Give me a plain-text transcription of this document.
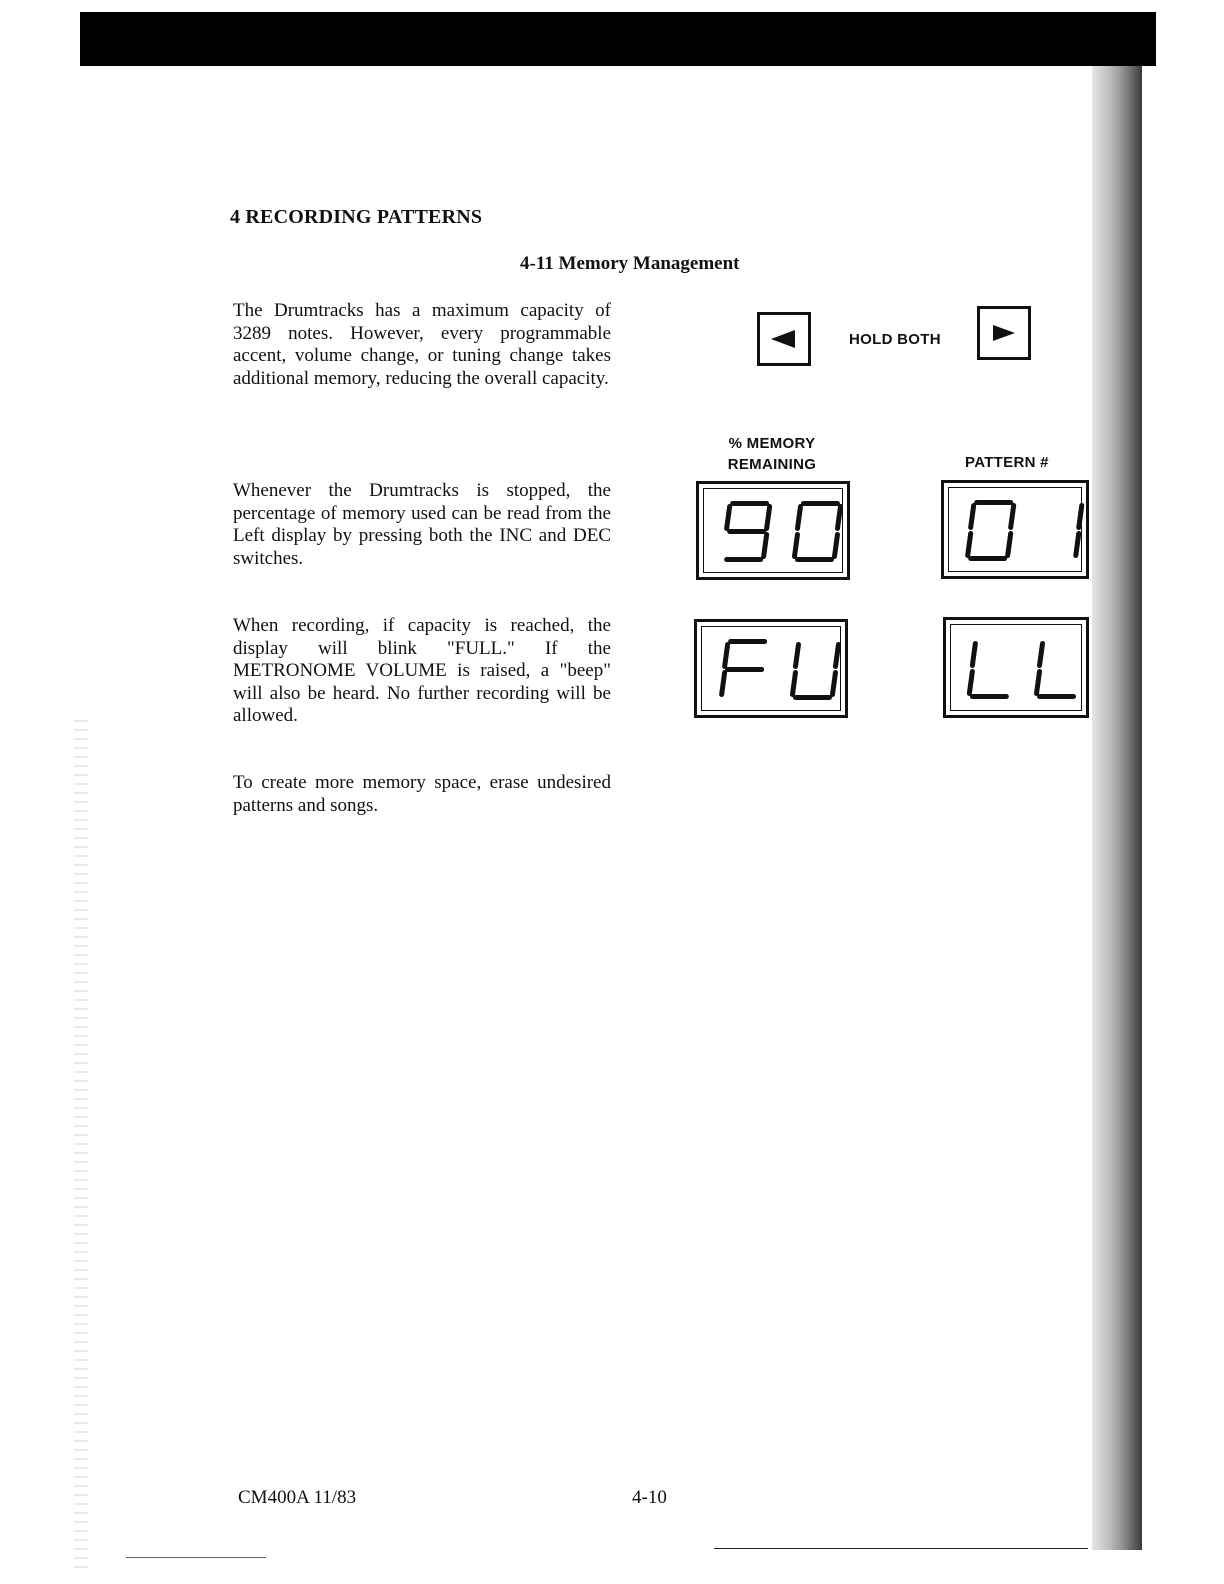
4 RECORDING PATTERNS
4-11 Memory Management

The Drumtracks has a maximum capacity of 3289 notes. However, every programmable accent, volume change, or tuning change takes additional memory, reducing the overall capacity.

Whenever the Drumtracks is stopped, the percentage of memory used can be read from the Left display by pressing both the INC and DEC switches.

When recording, if capacity is reached, the display will blink "FULL." If the METRONOME VOLUME is raised, a "beep" will also be heard. No further recording will be allowed.

To create more memory space, erase undesired patterns and songs.

HOLD BOTH
% MEMORY
REMAINING	PATTERN #
CM400A 11/83	4-10
